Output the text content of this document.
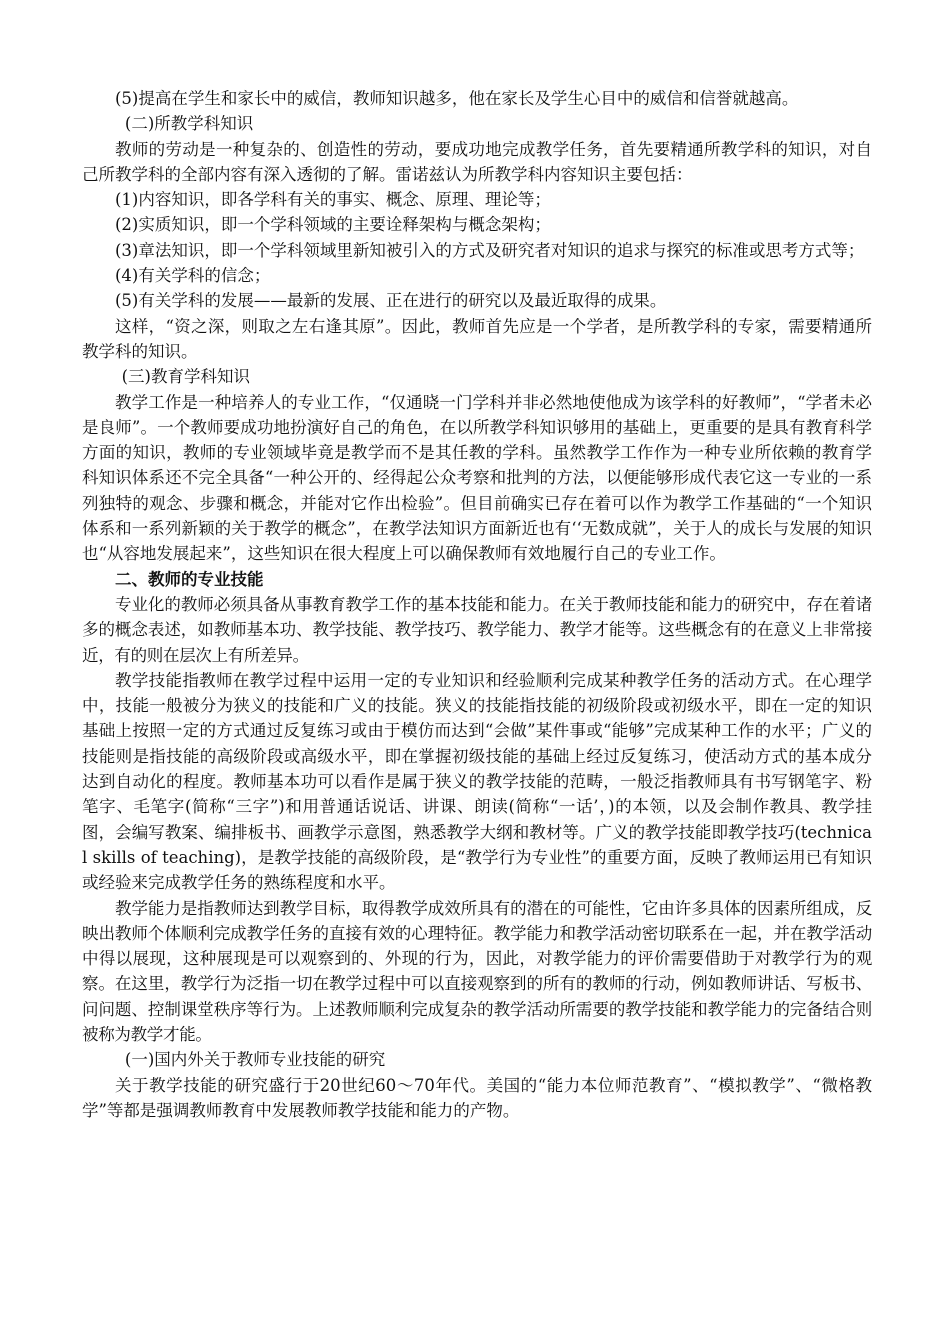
(5)提高在学生和家长中的威信，教师知识越多，他在家长及学生心目中的威信和信誉就越高。

(二)所教学科知识

教师的劳动是一种复杂的、创造性的劳动，要成功地完成教学任务，首先要精通所教学科的知识，对自己所教学科的全部内容有深入透彻的了解。雷诺兹认为所教学科内容知识主要包括：

(1)内容知识，即各学科有关的事实、概念、原理、理论等；

(2)实质知识，即一个学科领域的主要诠释架构与概念架构；

(3)章法知识，即一个学科领域里新知被引入的方式及研究者对知识的追求与探究的标准或思考方式等；

(4)有关学科的信念；

(5)有关学科的发展——最新的发展、正在进行的研究以及最近取得的成果。

这样，“资之深，则取之左右逢其原”。因此，教师首先应是一个学者，是所教学科的专家，需要精通所教学科的知识。

(三)教育学科知识

教学工作是一种培养人的专业工作，“仅通晓一门学科并非必然地使他成为该学科的好教师”，“学者未必是良师”。一个教师要成功地扮演好自己的角色，在以所教学科知识够用的基础上，更重要的是具有教育科学方面的知识，教师的专业领域毕竟是教学而不是其任教的学科。虽然教学工作作为一种专业所依赖的教育学科知识体系还不完全具备“一种公开的、经得起公众考察和批判的方法，以便能够形成代表它这一专业的一系列独特的观念、步骤和概念，并能对它作出检验”。但目前确实已存在着可以作为教学工作基础的“一个知识体系和一系列新颖的关于教学的概念”，在教学法知识方面新近也有‘‘无数成就”，关于人的成长与发展的知识也“从容地发展起来”，这些知识在很大程度上可以确保教师有效地履行自己的专业工作。

二、教师的专业技能

专业化的教师必须具备从事教育教学工作的基本技能和能力。在关于教师技能和能力的研究中，存在着诸多的概念表述，如教师基本功、教学技能、教学技巧、教学能力、教学才能等。这些概念有的在意义上非常接近，有的则在层次上有所差异。

教学技能指教师在教学过程中运用一定的专业知识和经验顺利完成某种教学任务的活动方式。在心理学中，技能一般被分为狭义的技能和广义的技能。狭义的技能指技能的初级阶段或初级水平，即在一定的知识基础上按照一定的方式通过反复练习或由于模仿而达到“会做”某件事或“能够”完成某种工作的水平；广义的技能则是指技能的高级阶段或高级水平，即在掌握初级技能的基础上经过反复练习，使活动方式的基本成分达到自动化的程度。教师基本功可以看作是属于狭义的教学技能的范畴，一般泛指教师具有书写钢笔字、粉笔字、毛笔字(简称“三字”)和用普通话说话、讲课、朗读(简称“一话’，)的本领，以及会制作教具、教学挂图，会编写教案、编排板书、画教学示意图，熟悉教学大纲和教材等。广义的教学技能即教学技巧(technical skills of teaching)，是教学技能的高级阶段，是“教学行为专业性”的重要方面，反映了教师运用已有知识或经验来完成教学任务的熟练程度和水平。

教学能力是指教师达到教学目标，取得教学成效所具有的潜在的可能性，它由许多具体的因素所组成，反映出教师个体顺利完成教学任务的直接有效的心理特征。教学能力和教学活动密切联系在一起，并在教学活动中得以展现，这种展现是可以观察到的、外现的行为，因此，对教学能力的评价需要借助于对教学行为的观察。在这里，教学行为泛指一切在教学过程中可以直接观察到的所有的教师的行动，例如教师讲话、写板书、问问题、控制课堂秩序等行为。上述教师顺利完成复杂的教学活动所需要的教学技能和教学能力的完备结合则被称为教学才能。

(一)国内外关于教师专业技能的研究

关于教学技能的研究盛行于20世纪60～70年代。美国的“能力本位师范教育”、“模拟教学”、“微格教学”等都是强调教师教育中发展教师教学技能和能力的产物。
